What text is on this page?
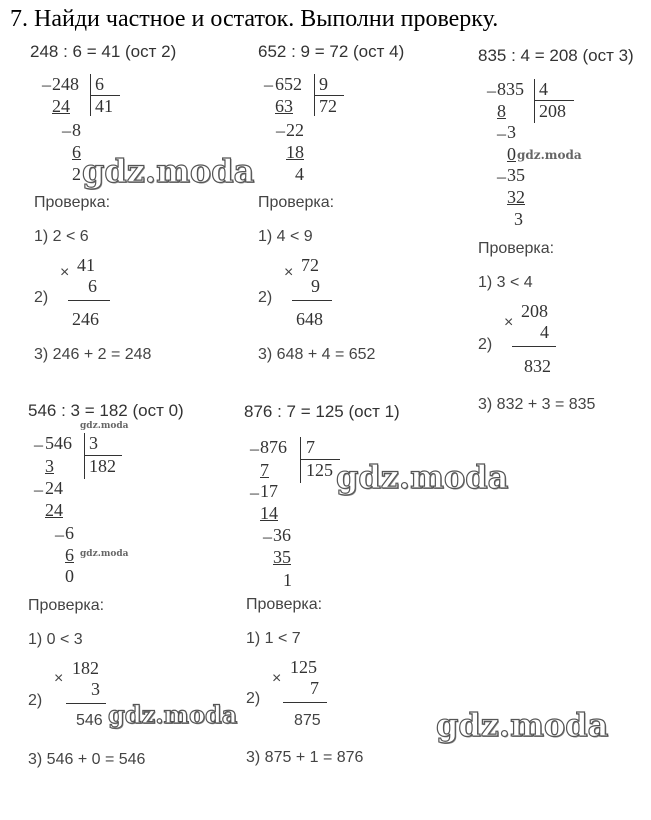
7. Найди частное и остаток. Выполни проверку.
248 : 6 = 41 (ост 2)
_ 248 6
41
24
_ 8
6
2 gdz.moda
Проверка:
1) 2 < 6
× 41
6
2)
246
3) 246 + 2 = 248
652 : 9 = 72 (ост 4)
_ 652 9
72
63
_ 22
18
4
Проверка:
1) 4 < 9
× 72
9
2)
648
3) 648 + 4 = 652
835 : 4 = 208 (ост 3)
_ 835 4
208
8
_ 3
0 gdz.moda
_ 35
32
3
Проверка:
1) 3 < 4
×
208
4
2)
832
3) 832 + 3 = 835
546 : 3 = 182 (ост 0)
gdz.moda
_ 546 3
182
3
_ 24
24
_ 6
6 gdz.moda
0
Проверка:
1) 0 < 3
×
182
3
2)
546 gdz.moda
3) 546 + 0 = 546
876 : 7 = 125 (ост 1)
_ 876 7
125 gdz.moda
7
_ 17
14
_ 36
35
1
Проверка:
1) 1 < 7
×
125
7
2)
875
3) 875 + 1 = 876
gdz.moda
